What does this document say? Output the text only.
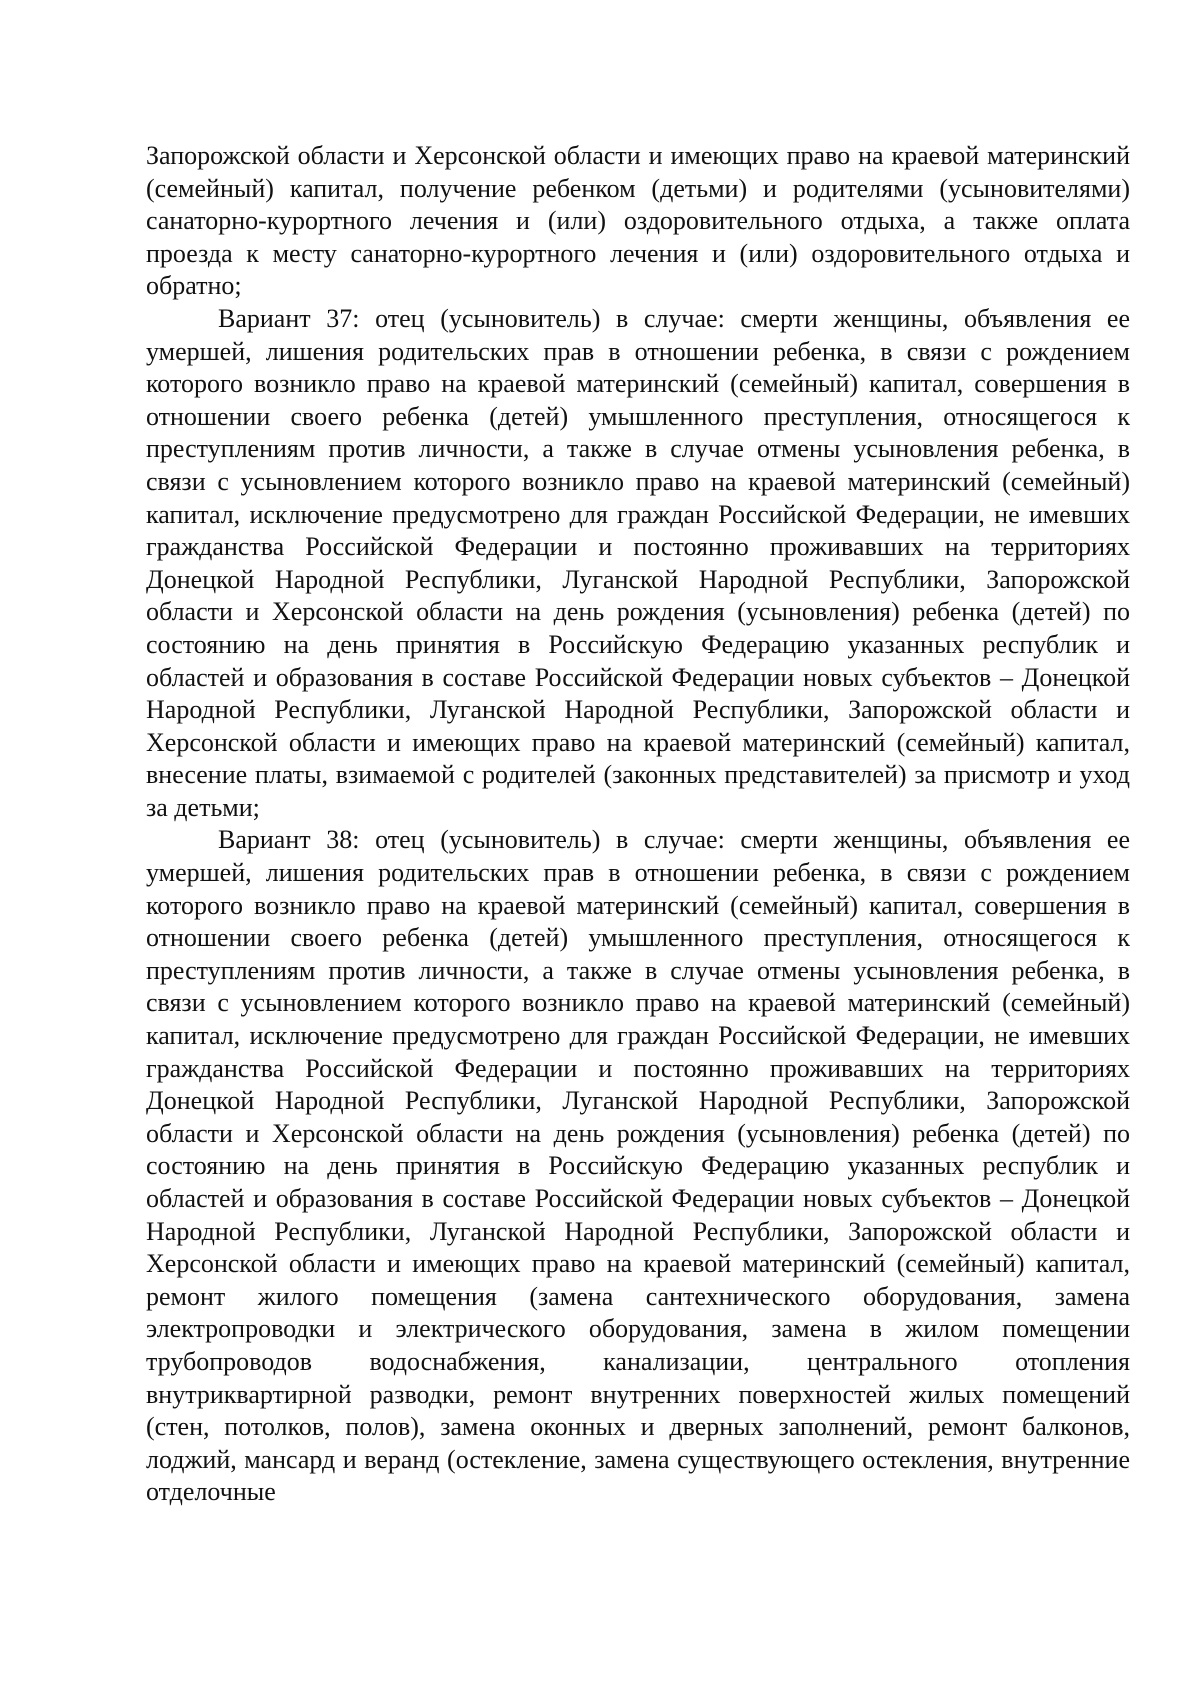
Запорожской области и Херсонской области и имеющих право на краевой материнский (семейный) капитал, получение ребенком (детьми) и родителями (усыновителями) санаторно-курортного лечения и (или) оздоровительного отдыха, а также оплата проезда к месту санаторно-курортного лечения и (или) оздоровительного отдыха и обратно;

Вариант 37: отец (усыновитель) в случае: смерти женщины, объявления ее умершей, лишения родительских прав в отношении ребенка, в связи с рождением которого возникло право на краевой материнский (семейный) капитал, совершения в отношении своего ребенка (детей) умышленного преступления, относящегося к преступлениям против личности, а также в случае отмены усыновления ребенка, в связи с усыновлением которого возникло право на краевой материнский (семейный) капитал, исключение предусмотрено для граждан Российской Федерации, не имевших гражданства Российской Федерации и постоянно проживавших на территориях Донецкой Народной Республики, Луганской Народной Республики, Запорожской области и Херсонской области на день рождения (усыновления) ребенка (детей) по состоянию на день принятия в Российскую Федерацию указанных республик и областей и образования в составе Российской Федерации новых субъектов – Донецкой Народной Республики, Луганской Народной Республики, Запорожской области и Херсонской области и имеющих право на краевой материнский (семейный) капитал, внесение платы, взимаемой с родителей (законных представителей) за присмотр и уход за детьми;

Вариант 38: отец (усыновитель) в случае: смерти женщины, объявления ее умершей, лишения родительских прав в отношении ребенка, в связи с рождением которого возникло право на краевой материнский (семейный) капитал, совершения в отношении своего ребенка (детей) умышленного преступления, относящегося к преступлениям против личности, а также в случае отмены усыновления ребенка, в связи с усыновлением которого возникло право на краевой материнский (семейный) капитал, исключение предусмотрено для граждан Российской Федерации, не имевших гражданства Российской Федерации и постоянно проживавших на территориях Донецкой Народной Республики, Луганской Народной Республики, Запорожской области и Херсонской области на день рождения (усыновления) ребенка (детей) по состоянию на день принятия в Российскую Федерацию указанных республик и областей и образования в составе Российской Федерации новых субъектов – Донецкой Народной Республики, Луганской Народной Республики, Запорожской области и Херсонской области и имеющих право на краевой материнский (семейный) капитал, ремонт жилого помещения (замена сантехнического оборудования, замена электропроводки и электрического оборудования, замена в жилом помещении трубопроводов водоснабжения, канализации, центрального отопления внутриквартирной разводки, ремонт внутренних поверхностей жилых помещений (стен, потолков, полов), замена оконных и дверных заполнений, ремонт балконов, лоджий, мансард и веранд (остекление, замена существующего остекления, внутренние отделочные
